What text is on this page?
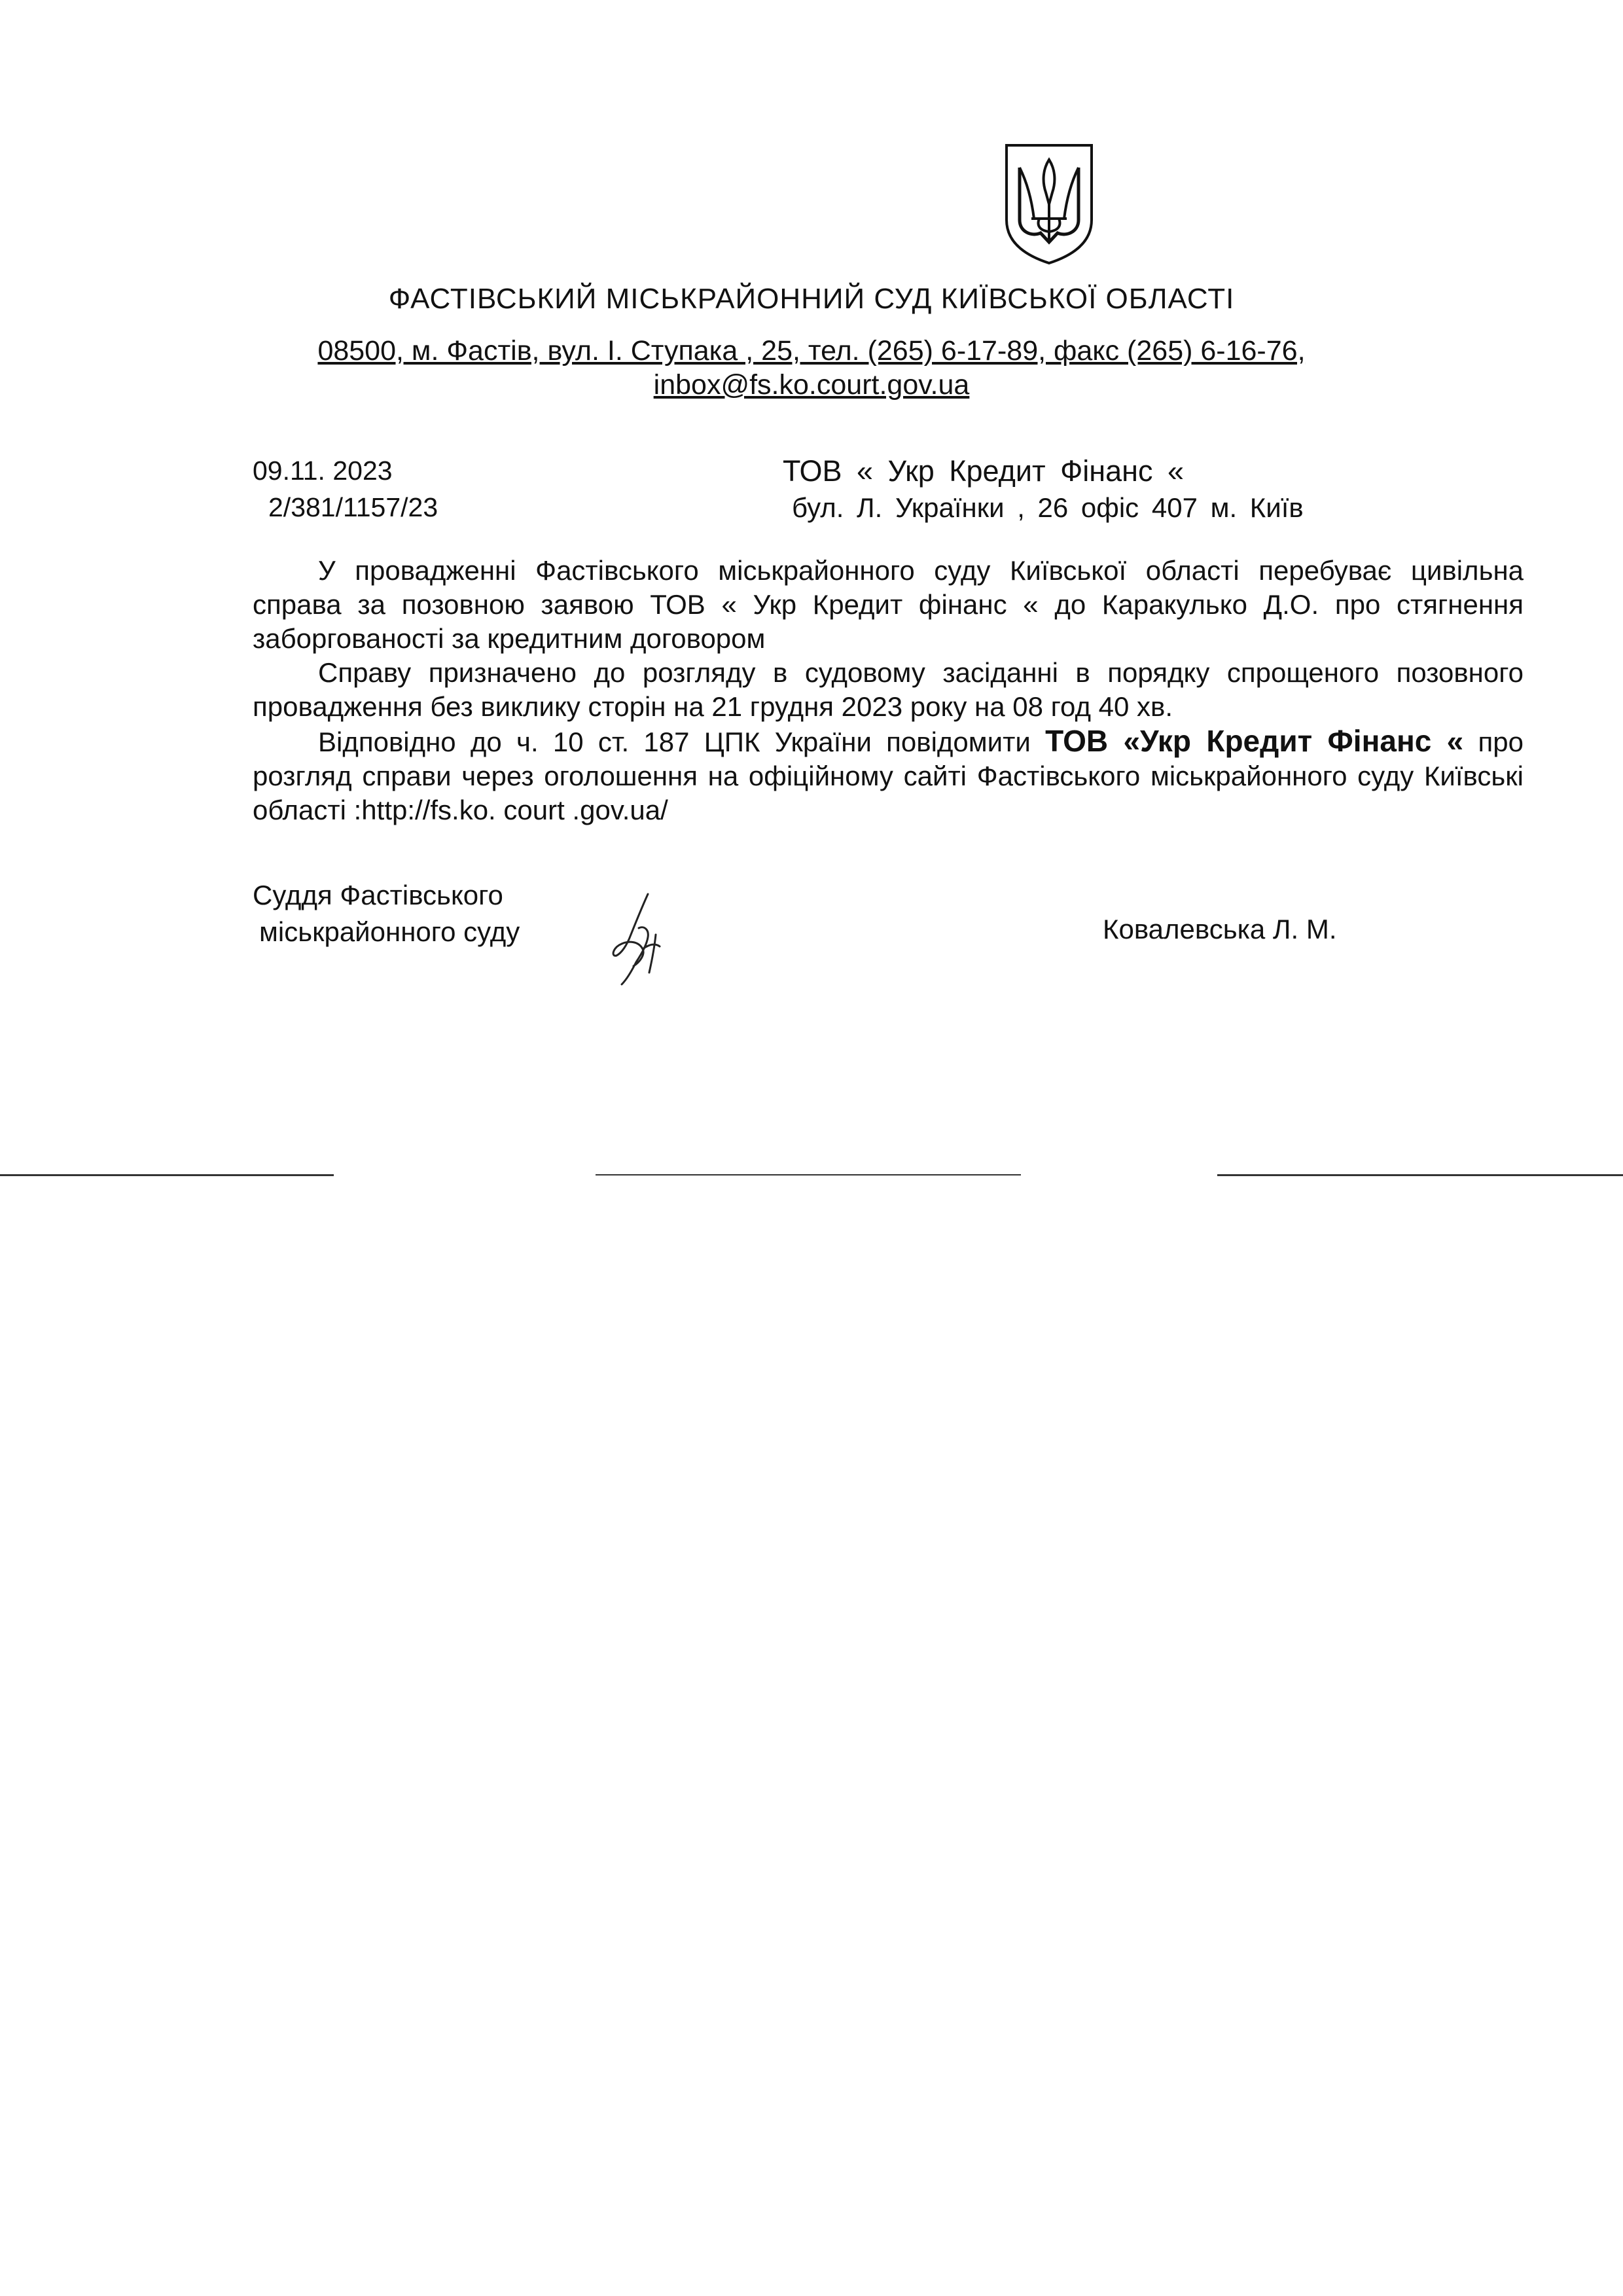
ФАСТІВСЬКИЙ МІСЬКРАЙОННИЙ СУД КИЇВСЬКОЇ ОБЛАСТІ
08500, м. Фастів, вул. І. Ступака , 25, тел. (265) 6-17-89, факс (265) 6-16-76,
inbox@fs.ko.court.gov.ua
09.11. 2023
2/381/1157/23
ТОВ « Укр Кредит Фінанс «
бул. Л. Українки , 26 офіс 407 м. Київ

У провадженні Фастівського міськрайонного суду Київської області перебуває цивільна справа за позовною заявою ТОВ « Укр Кредит фінанс « до Каракулько Д.О. про стягнення заборгованості за кредитним договором

Справу призначено до розгляду в судовому засіданні в порядку спрощеного позовного провадження без виклику сторін на 21 грудня 2023 року на 08 год 40 хв.

Відповідно до ч. 10 ст. 187 ЦПК України повідомити ТОВ «Укр Кредит Фінанс « про розгляд справи через оголошення на офіційному сайті Фастівського міськрайонного суду Київські області :http://fs.ko. court .gov.ua/

Суддя Фастівського
міськрайонного суду	Ковалевська Л. М.
